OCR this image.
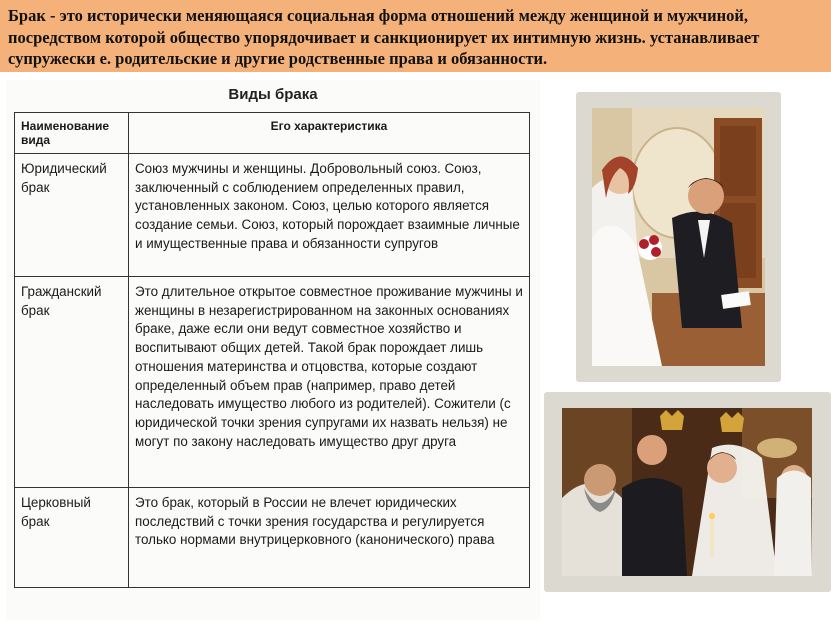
Брак - это исторически меняющаяся социальная форма отношений между женщиной и мужчиной, посредством которой общество упорядочивает и санкционирует их интимную жизнь. устанавливает супружески е. родительские и другие родственные права и обязанности.
Виды брака
Наименование вида	Его характеристика
Юридический брак	Союз мужчины и женщины. Добровольный союз. Союз, заключенный с соблюдением определенных правил, установленных законом. Союз, целью которого является создание семьи. Союз, который порождает взаимные личные и имущественные права и обязанности супругов
Гражданский брак	Это длительное открытое совместное проживание мужчины и женщины в незарегистрированном на законных основаниях браке, даже если они ведут совместное хозяйство и воспитывают общих детей. Такой брак порождает лишь отношения материнства и отцовства, которые создают определенный объем прав (например, право детей наследовать имущество любого из родителей). Сожители (с юридической точки зрения супругами их назвать нельзя) не могут по закону наследовать имущество друг друга
Церковный брак	Это брак, который в России не влечет юридических последствий с точки зрения государства и регулируется только нормами внутрицерковного (канонического) права
